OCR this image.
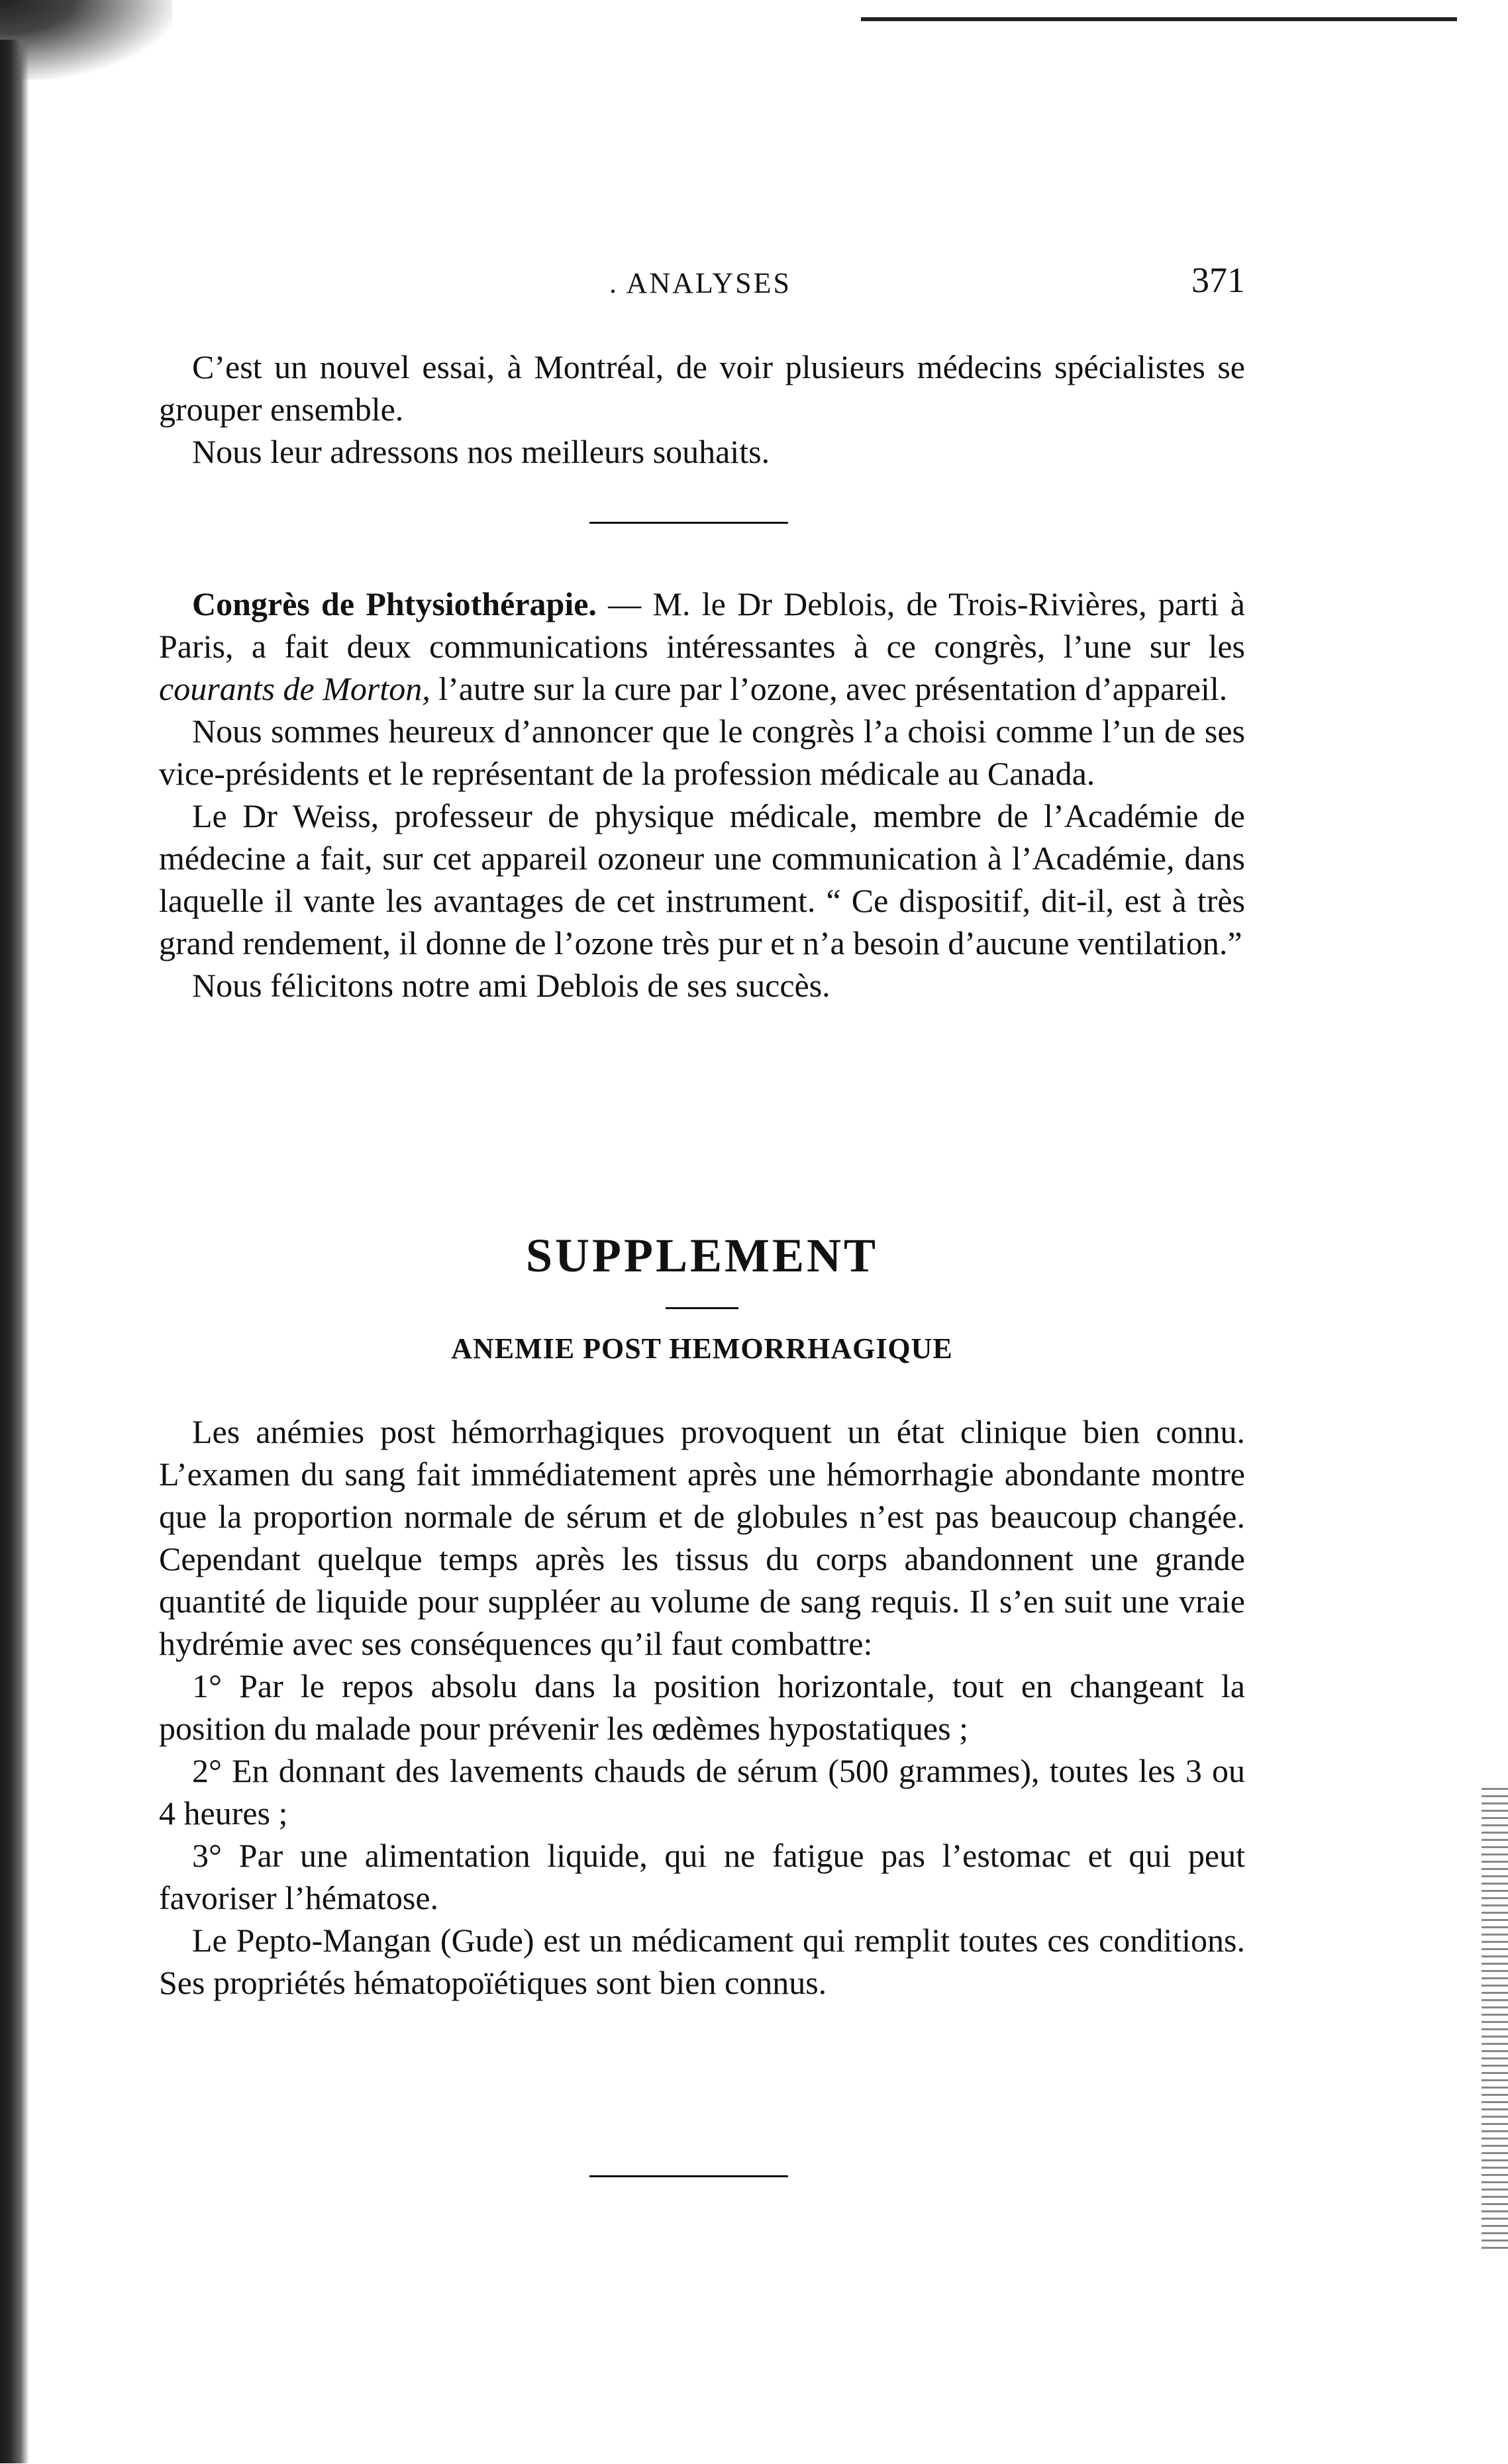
. ANALYSES	371

C’est un nouvel essai, à Montréal, de voir plusieurs médecins spécialistes se grouper ensemble.

Nous leur adressons nos meilleurs souhaits.

Congrès de Phtysiothérapie. — M. le Dr Deblois, de Trois-Rivières, parti à Paris, a fait deux communications intéressantes à ce congrès, l’une sur les courants de Morton, l’autre sur la cure par l’ozone, avec présentation d’appareil.

Nous sommes heureux d’annoncer que le congrès l’a choisi comme l’un de ses vice-présidents et le représentant de la profession médicale au Canada.

Le Dr Weiss, professeur de physique médicale, membre de l’Académie de médecine a fait, sur cet appareil ozoneur une communication à l’Académie, dans laquelle il vante les avantages de cet instrument. “ Ce dispositif, dit-il, est à très grand rendement, il donne de l’ozone très pur et n’a besoin d’aucune ventilation.”

Nous félicitons notre ami Deblois de ses succès.

SUPPLEMENT
ANEMIE POST HEMORRHAGIQUE

Les anémies post hémorrhagiques provoquent un état clinique bien connu. L’examen du sang fait immédiatement après une hémorrhagie abondante montre que la proportion normale de sérum et de globules n’est pas beaucoup changée. Cependant quelque temps après les tissus du corps abandonnent une grande quantité de liquide pour suppléer au volume de sang requis. Il s’en suit une vraie hydrémie avec ses conséquences qu’il faut combattre:

1° Par le repos absolu dans la position horizontale, tout en changeant la position du malade pour prévenir les œdèmes hypostatiques ;

2° En donnant des lavements chauds de sérum (500 grammes), toutes les 3 ou 4 heures ;

3° Par une alimentation liquide, qui ne fatigue pas l’estomac et qui peut favoriser l’hématose.

Le Pepto-Mangan (Gude) est un médicament qui remplit toutes ces conditions. Ses propriétés hématopoïétiques sont bien connus.
